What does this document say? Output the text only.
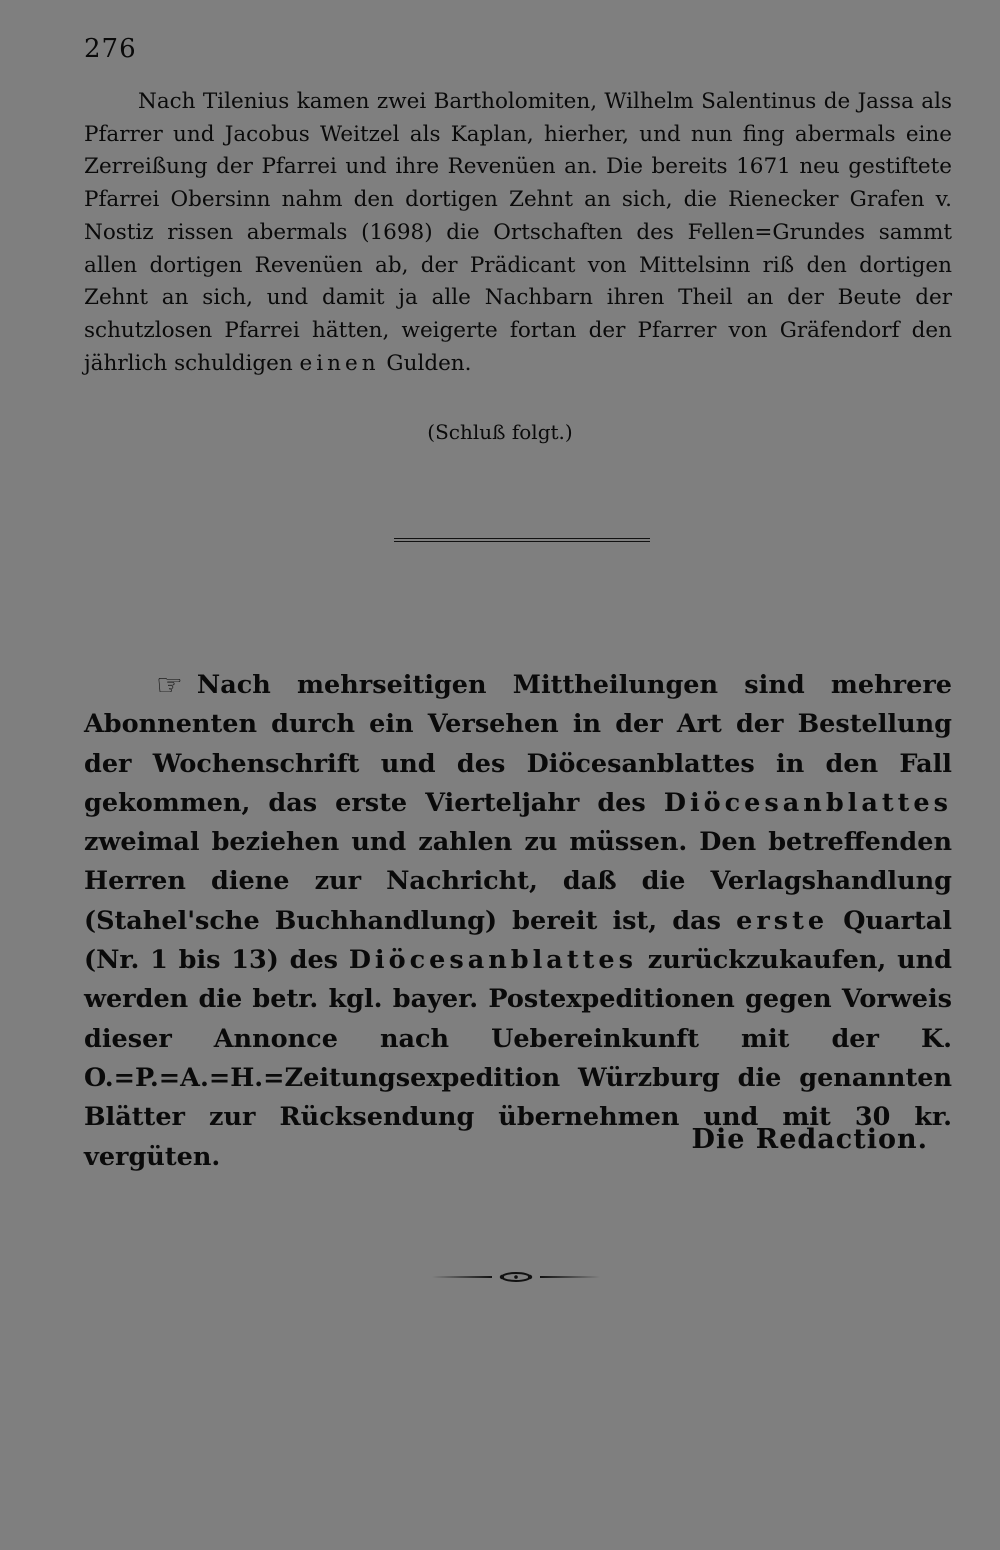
276

Nach Tilenius kamen zwei Bartholomiten, Wilhelm Salentinus de Jassa als Pfarrer und Jacobus Weitzel als Kaplan, hierher, und nun fing abermals eine Zerreißung der Pfarrei und ihre Revenüen an. Die bereits 1671 neu gestiftete Pfarrei Obersinn nahm den dortigen Zehnt an sich, die Rienecker Grafen v. Nostiz rissen abermals (1698) die Ortschaften des Fellen=Grundes sammt allen dortigen Revenüen ab, der Prädicant von Mittelsinn riß den dortigen Zehnt an sich, und damit ja alle Nachbarn ihren Theil an der Beute der schutzlosen Pfarrei hätten, weigerte fortan der Pfarrer von Gräfendorf den jährlich schuldigen einen Gulden.

(Schluß folgt.)

☞ Nach mehrseitigen Mittheilungen sind mehrere Abonnenten durch ein Versehen in der Art der Bestellung der Wochenschrift und des Diöcesanblattes in den Fall gekommen, das erste Vierteljahr des Diöcesanblattes zweimal beziehen und zahlen zu müssen. Den betreffenden Herren diene zur Nachricht, daß die Verlagshandlung (Stahel'sche Buchhandlung) bereit ist, das erste Quartal (Nr. 1 bis 13) des Diöcesanblattes zurückzukaufen, und werden die betr. kgl. bayer. Postexpeditionen gegen Vorweis dieser Annonce nach Uebereinkunft mit der K. O.=P.=A.=H.=Zeitungsexpedition Würzburg die genannten Blätter zur Rücksendung übernehmen und mit 30 kr. vergüten.

Die Redaction.
